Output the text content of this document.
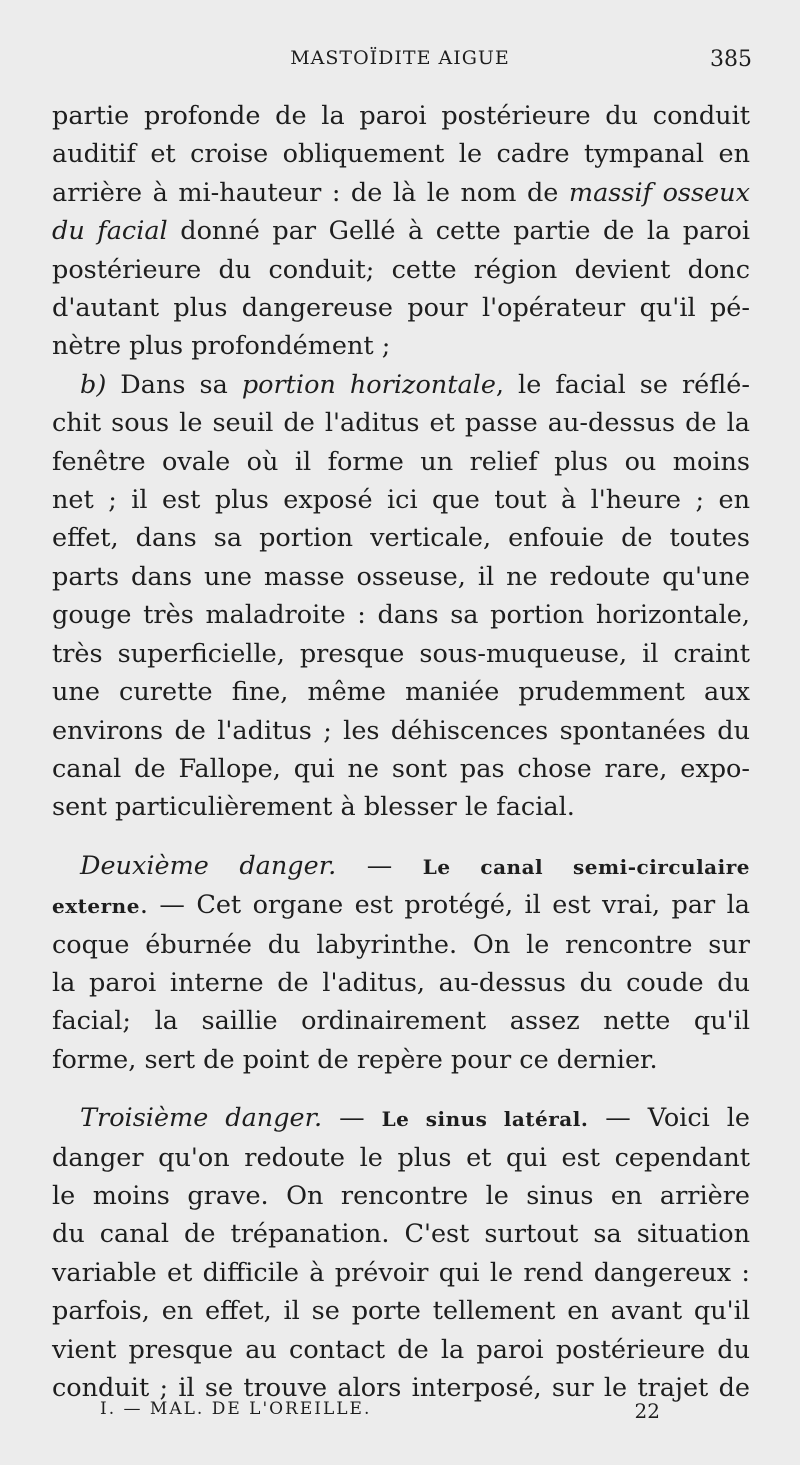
MASTOÏDITE AIGUE	385
partie profonde de la paroi postérieure du conduit
auditif et croise obliquement le cadre tympanal en
arrière à mi-hauteur : de là le nom de massif osseux
du facial donné par Gellé à cette partie de la paroi
postérieure du conduit; cette région devient donc
d'autant plus dangereuse pour l'opérateur qu'il pé-
nètre plus profondément ;
b) Dans sa portion horizontale, le facial se réflé-
chit sous le seuil de l'aditus et passe au-dessus de la
fenêtre ovale où il forme un relief plus ou moins
net ; il est plus exposé ici que tout à l'heure ; en
effet, dans sa portion verticale, enfouie de toutes
parts dans une masse osseuse, il ne redoute qu'une
gouge très maladroite : dans sa portion horizontale,
très superficielle, presque sous-muqueuse, il craint
une curette fine, même maniée prudemment aux
environs de l'aditus ; les déhiscences spontanées du
canal de Fallope, qui ne sont pas chose rare, expo-
sent particulièrement à blesser le facial.
Deuxième danger. — Le canal semi-circulaire
externe. — Cet organe est protégé, il est vrai, par la
coque éburnée du labyrinthe. On le rencontre sur
la paroi interne de l'aditus, au-dessus du coude du
facial; la saillie ordinairement assez nette qu'il
forme, sert de point de repère pour ce dernier.
Troisième danger. — Le sinus latéral. — Voici le
danger qu'on redoute le plus et qui est cependant
le moins grave. On rencontre le sinus en arrière
du canal de trépanation. C'est surtout sa situation
variable et difficile à prévoir qui le rend dangereux :
parfois, en effet, il se porte tellement en avant qu'il
vient presque au contact de la paroi postérieure du
conduit ; il se trouve alors interposé, sur le trajet de
I. — MAL. DE L'OREILLE.	22
